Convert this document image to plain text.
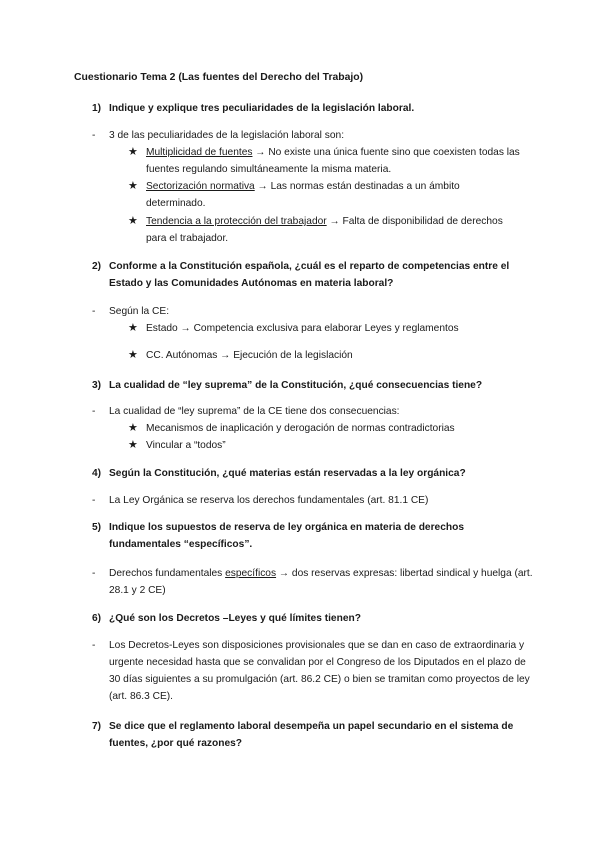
Cuestionario Tema 2 (Las fuentes del Derecho del Trabajo)
1) Indique y explique tres peculiaridades de la legislación laboral.
- 3 de las peculiaridades de la legislación laboral son:
★ Multiplicidad de fuentes → No existe una única fuente sino que coexisten todas las fuentes regulando simultáneamente la misma materia.
★ Sectorización normativa → Las normas están destinadas a un ámbito determinado.
★ Tendencia a la protección del trabajador → Falta de disponibilidad de derechos para el trabajador.
2) Conforme a la Constitución española, ¿cuál es el reparto de competencias entre el Estado y las Comunidades Autónomas en materia laboral?
- Según la CE:
★ Estado → Competencia exclusiva para elaborar Leyes y reglamentos
★ CC. Autónomas → Ejecución de la legislación
3) La cualidad de “ley suprema” de la Constitución, ¿qué consecuencias tiene?
- La cualidad de “ley suprema” de la CE tiene dos consecuencias:
★ Mecanismos de inaplicación y derogación de normas contradictorias
★ Vincular a “todos”
4) Según la Constitución, ¿qué materias están reservadas a la ley orgánica?
- La Ley Orgánica se reserva los derechos fundamentales (art. 81.1 CE)
5) Indique los supuestos de reserva de ley orgánica en materia de derechos fundamentales “específicos”.
- Derechos fundamentales específicos → dos reservas expresas: libertad sindical y huelga (art. 28.1 y 2 CE)
6) ¿Qué son los Decretos –Leyes y qué límites tienen?
- Los Decretos-Leyes son disposiciones provisionales que se dan en caso de extraordinaria y urgente necesidad hasta que se convalidan por el Congreso de los Diputados en el plazo de 30 días siguientes a su promulgación (art. 86.2 CE) o bien se tramitan como proyectos de ley (art. 86.3 CE).
7) Se dice que el reglamento laboral desempeña un papel secundario en el sistema de fuentes, ¿por qué razones?
